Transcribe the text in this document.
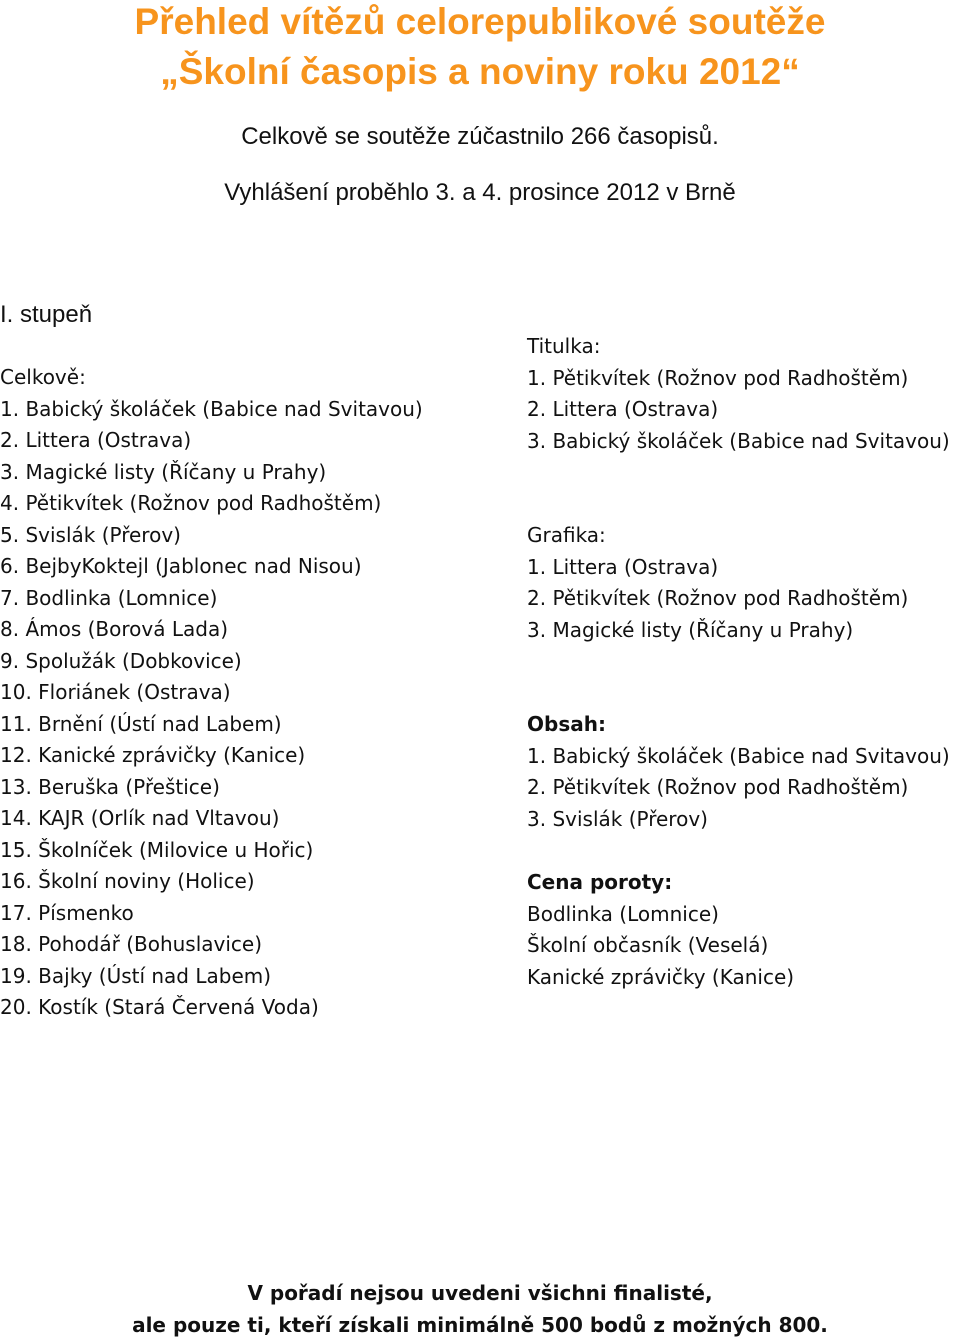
Přehled vítězů celorepublikové soutěže
„Školní časopis a noviny roku 2012“
Celkově se soutěže zúčastnilo 266 časopisů.
Vyhlášení proběhlo 3. a 4. prosince 2012 v Brně
I. stupeň
Celkově:
1. Babický školáček (Babice nad Svitavou)
2. Littera (Ostrava)
3. Magické listy (Říčany u Prahy)
4. Pětikvítek (Rožnov pod Radhoštěm)
5. Svislák (Přerov)
6. BejbyKoktejl (Jablonec nad Nisou)
7. Bodlinka (Lomnice)
8. Ámos (Borová Lada)
9. Spolužák (Dobkovice)
10. Floriánek (Ostrava)
11. Brnění (Ústí nad Labem)
12. Kanické zprávičky (Kanice)
13. Beruška (Přeštice)
14. KAJR (Orlík nad Vltavou)
15. Školníček (Milovice u Hořic)
16. Školní noviny (Holice)
17. Písmenko
18. Pohodář (Bohuslavice)
19. Bajky (Ústí nad Labem)
20. Kostík (Stará Červená Voda)
Titulka:
1. Pětikvítek (Rožnov pod Radhoštěm)
2. Littera (Ostrava)
3. Babický školáček (Babice nad Svitavou)
Grafika:
1. Littera (Ostrava)
2. Pětikvítek (Rožnov pod Radhoštěm)
3. Magické listy (Říčany u Prahy)
Obsah:
1. Babický školáček (Babice nad Svitavou)
2. Pětikvítek (Rožnov pod Radhoštěm)
3. Svislák (Přerov)
Cena poroty:
Bodlinka (Lomnice)
Školní občasník (Veselá)
Kanické zprávičky (Kanice)
V pořadí nejsou uvedeni všichni finalisté,
ale pouze ti, kteří získali minimálně 500 bodů z možných 800.
